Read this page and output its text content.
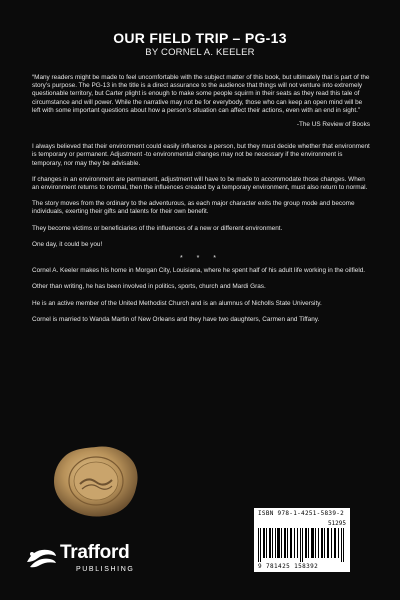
OUR FIELD TRIP – PG-13
BY CORNEL A. KEELER

“Many readers might be made to feel uncomfortable with the subject matter of this book, but ultimately that is part of the story’s purpose. The PG-13 in the title is a direct assurance to the audience that things will not venture into extremely questionable territory, but Carter plight is enough to make some people squirm in their seats as they read this tale of circumstance and will power. While the narrative may not be for everybody, those who can keep an open mind will be left with some important questions about how a person’s situation can affect their actions, even with an end in sight.”

-The US Review of Books

I always believed that their environment could easily influence a person, but they must decide whether that environment is temporary or permanent. Adjustment -to environmental changes may not be necessary if the environment is temporary, nor may they be advisable.

If changes in an environment are permanent, adjustment will have to be made to accommodate those changes. When an environment returns to normal, then the influences created by a temporary environment, must also return to normal.

The story moves from the ordinary to the adventurous, as each major character exits the group mode and become individuals, exerting their gifts and talents for their own benefit.

They become victims or beneficiaries of the influences of a new or different environment.

One day, it could be you!

* * *

Cornel A. Keeler makes his home in Morgan City, Louisiana, where he spent half of his adult life working in the oilfield.

Other than writing, he has been involved in politics, sports, church and Mardi Gras.

He is an active member of the United Methodist Church and is an alumnus of Nicholls State University.

Cornel is married to Wanda Martin of New Orleans and they have two daughters, Carmen and Tiffany.

ISBN 978-1-4251-5839-2
51295
9 781425 158392
Trafford
PUBLISHING
